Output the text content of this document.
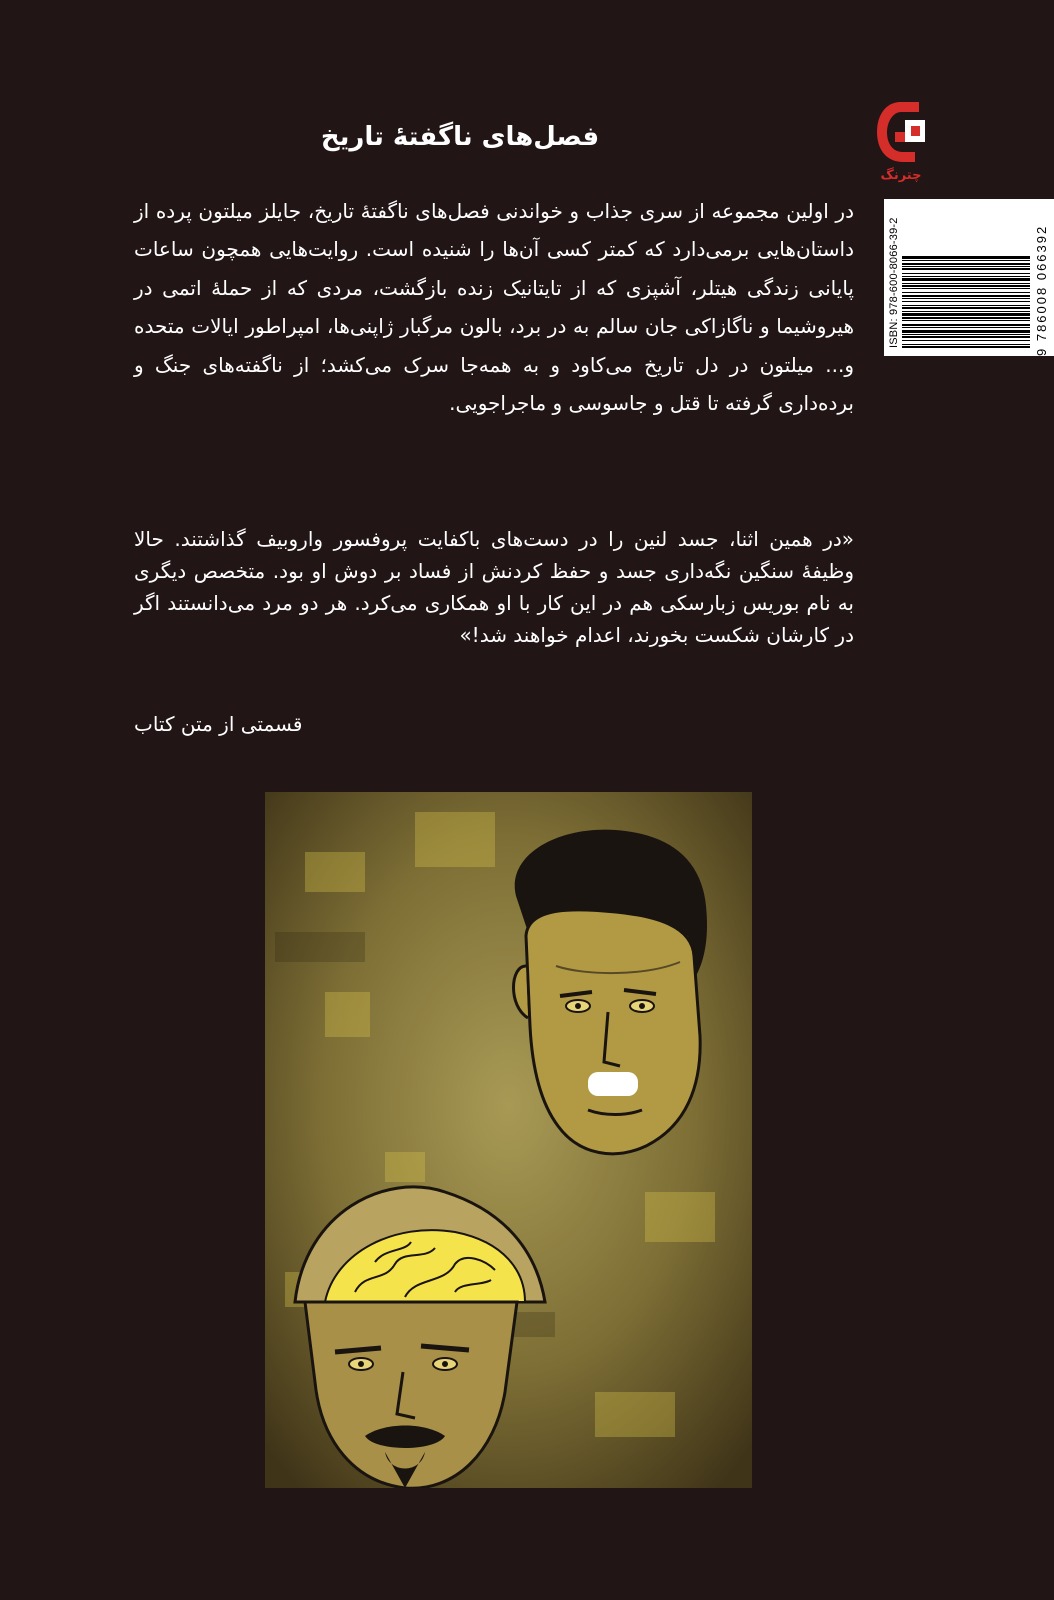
چترنگ
ISBN: 978-600-8066-39-2	9 786008 066392
فصل‌های ناگفتهٔ تاریخ
در اولین مجموعه از سری جذاب و خواندنی فصل‌های ناگفتهٔ تاریخ، جایلز میلتون پرده از داستان‌هایی برمی‌دارد که کمتر کسی آن‌ها را شنیده است. روایت‌هایی همچون ساعات پایانی زندگی هیتلر، آشپزی که از تایتانیک زنده بازگشت، مردی که از حملهٔ اتمی در هیروشیما و ناگازاکی جان سالم به در برد، بالون مرگبار ژاپنی‌ها، امپراطور ایالات متحده و... میلتون در دل تاریخ می‌کاود و به همه‌جا سرک می‌کشد؛ از ناگفته‌های جنگ و برده‌داری گرفته تا قتل و جاسوسی و ماجراجویی.
«در همین اثنا، جسد لنین را در دست‌های باکفایت پروفسور واروبیف گذاشتند. حالا وظیفهٔ سنگین نگه‌داری جسد و حفظ کردنش از فساد بر دوش او بود. متخصص دیگری به نام بوریس زبارسکی هم در این کار با او همکاری می‌کرد. هر دو مرد می‌دانستند اگر در کارشان شکست بخورند، اعدام خواهند شد!»
قسمتی از متن کتاب
